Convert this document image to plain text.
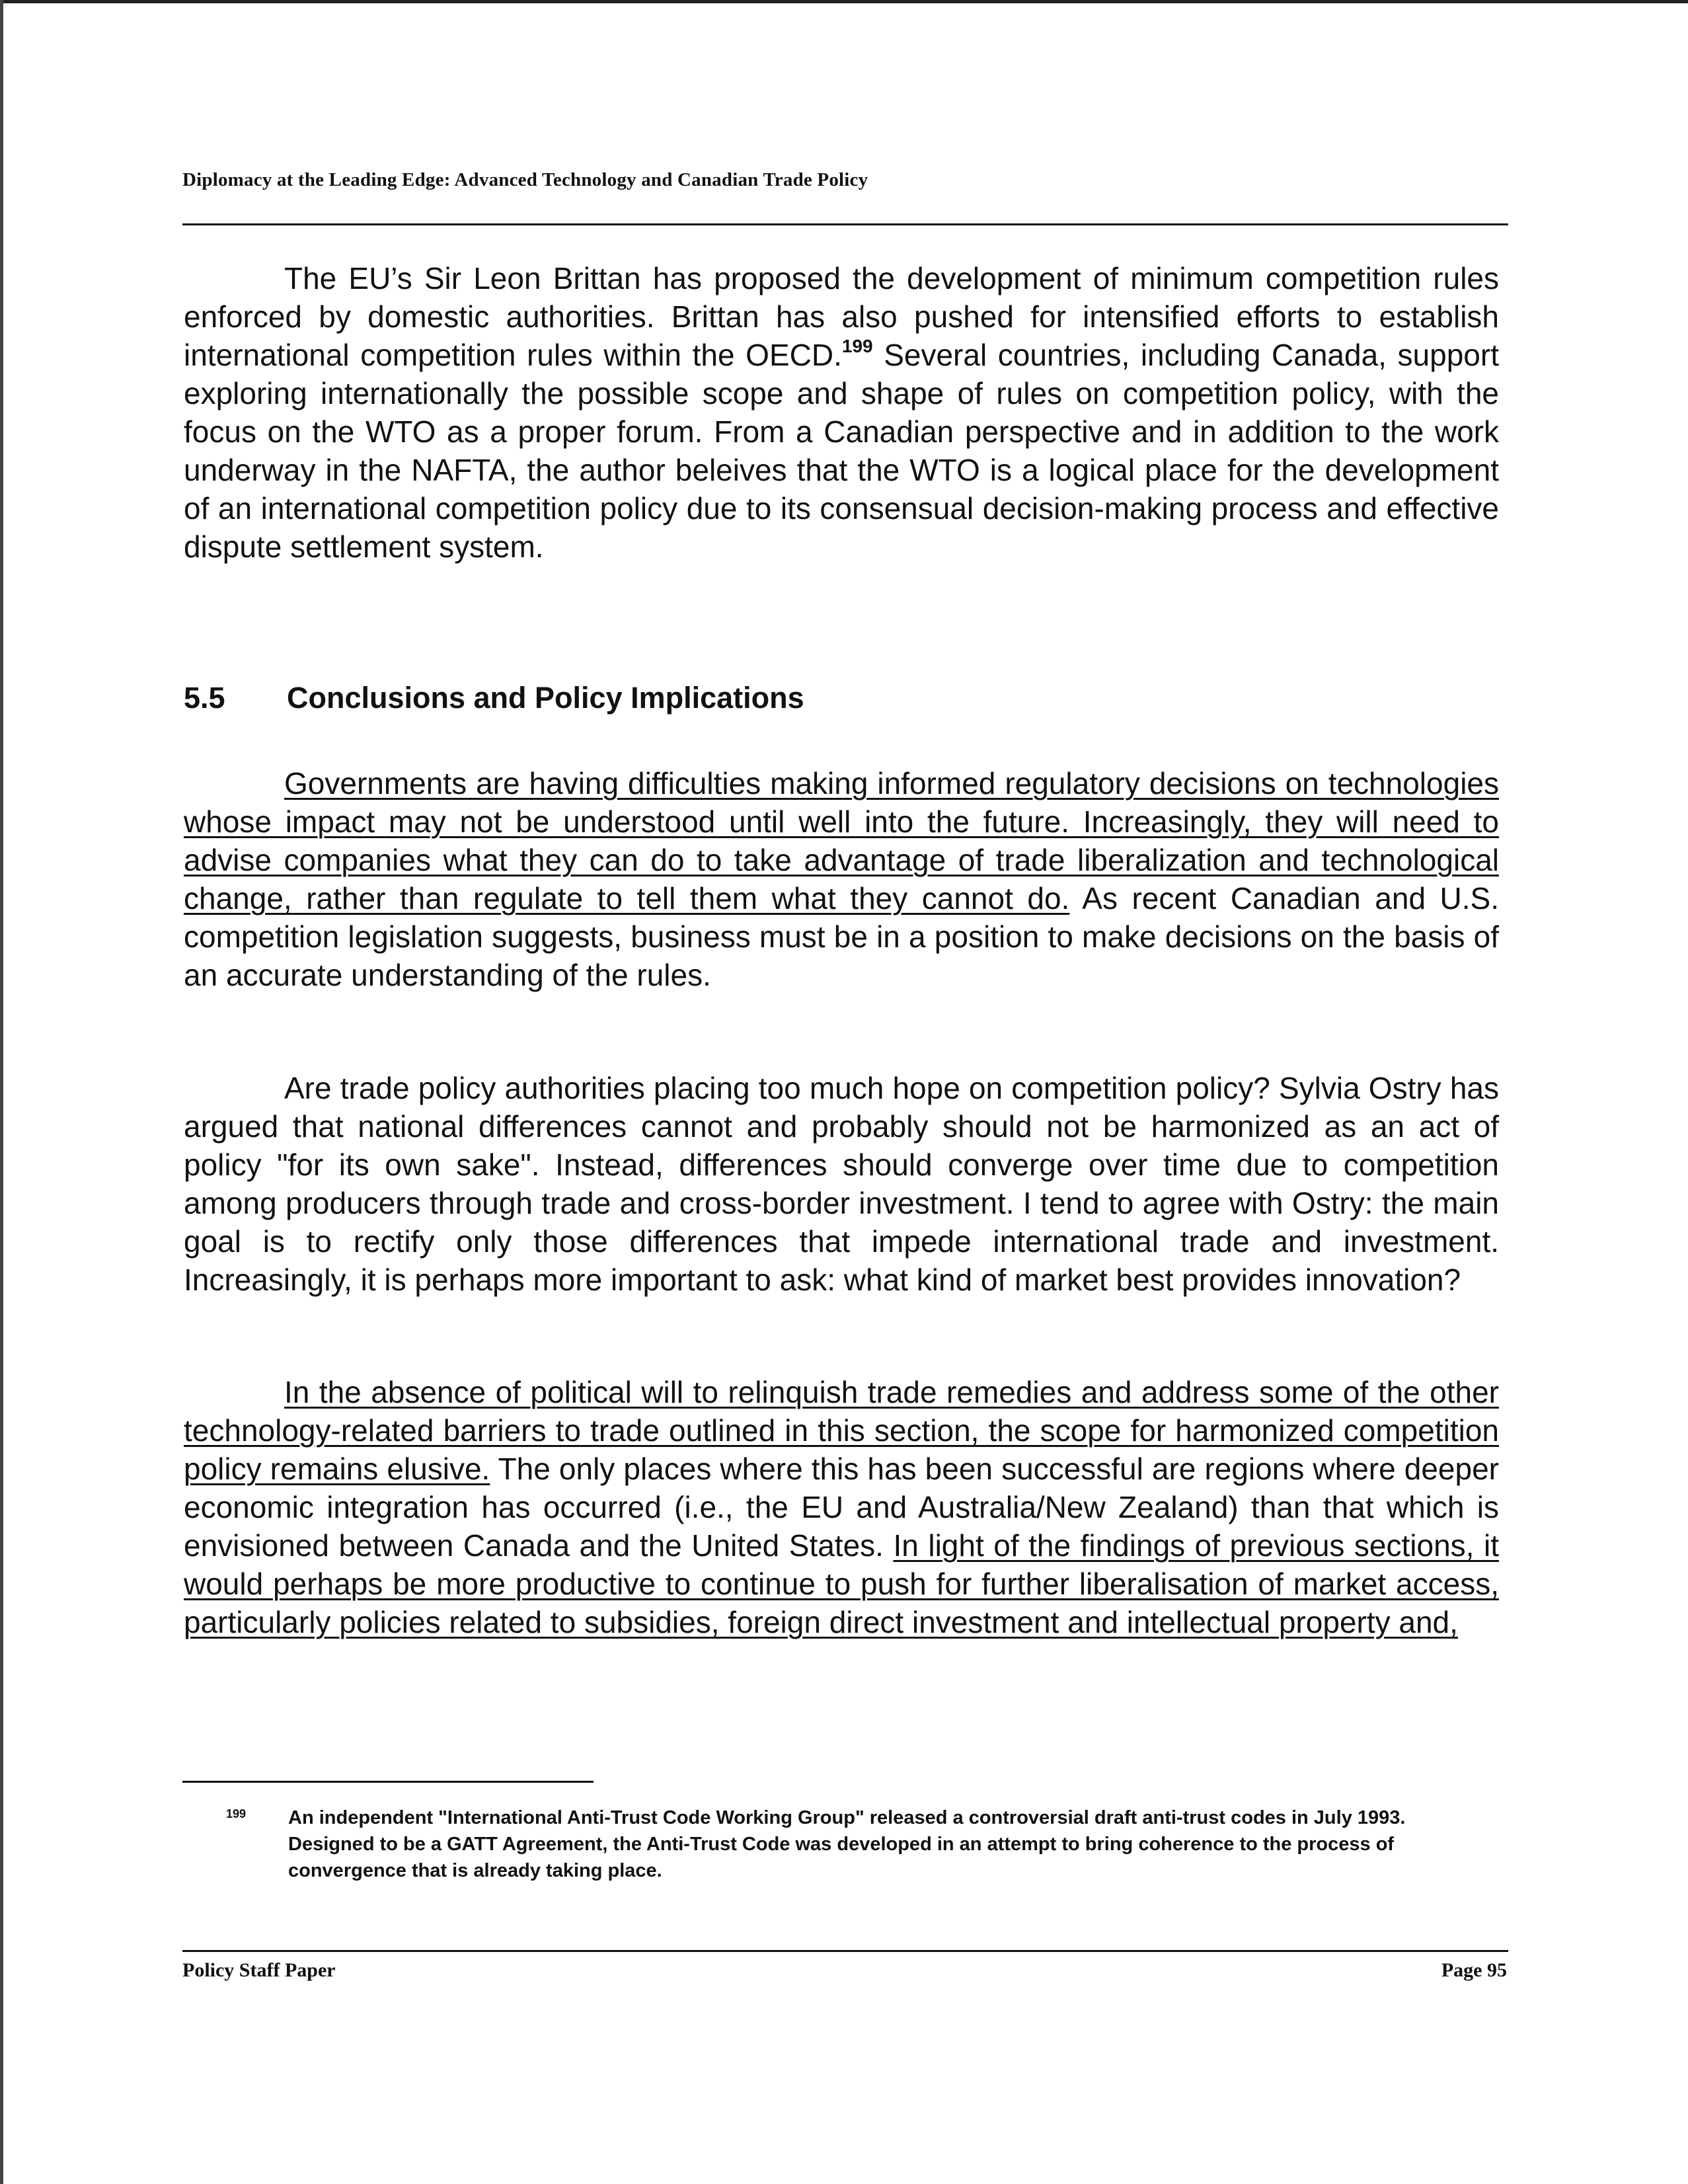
Diplomacy at the Leading Edge: Advanced Technology and Canadian Trade Policy

The EU’s Sir Leon Brittan has proposed the development of minimum competition rules enforced by domestic authorities. Brittan has also pushed for intensified efforts to establish international competition rules within the OECD.$^{199}$ Several countries, including Canada, support exploring internationally the possible scope and shape of rules on competition policy, with the focus on the WTO as a proper forum. From a Canadian perspective and in addition to the work underway in the NAFTA, the author beleives that the WTO is a logical place for the development of an international competition policy due to its consensual decision-making process and effective dispute settlement system.

5.5 Conclusions and Policy Implications

Governments are having difficulties making informed regulatory decisions on technologies whose impact may not be understood until well into the future. Increasingly, they will need to advise companies what they can do to take advantage of trade liberalization and technological change, rather than regulate to tell them what they cannot do. As recent Canadian and U.S. competition legislation suggests, business must be in a position to make decisions on the basis of an accurate understanding of the rules.

Are trade policy authorities placing too much hope on competition policy? Sylvia Ostry has argued that national differences cannot and probably should not be harmonized as an act of policy "for its own sake". Instead, differences should converge over time due to competition among producers through trade and cross-border investment. I tend to agree with Ostry: the main goal is to rectify only those differences that impede international trade and investment. Increasingly, it is perhaps more important to ask: what kind of market best provides innovation?

In the absence of political will to relinquish trade remedies and address some of the other technology-related barriers to trade outlined in this section, the scope for harmonized competition policy remains elusive. The only places where this has been successful are regions where deeper economic integration has occurred (i.e., the EU and Australia/New Zealand) than that which is envisioned between Canada and the United States. In light of the findings of previous sections, it would perhaps be more productive to continue to push for further liberalisation of market access, particularly policies related to subsidies, foreign direct investment and intellectual property and,

199 An independent "International Anti-Trust Code Working Group" released a controversial draft anti-trust codes in July 1993. Designed to be a GATT Agreement, the Anti-Trust Code was developed in an attempt to bring coherence to the process of convergence that is already taking place.
Policy Staff Paper	Page 95
